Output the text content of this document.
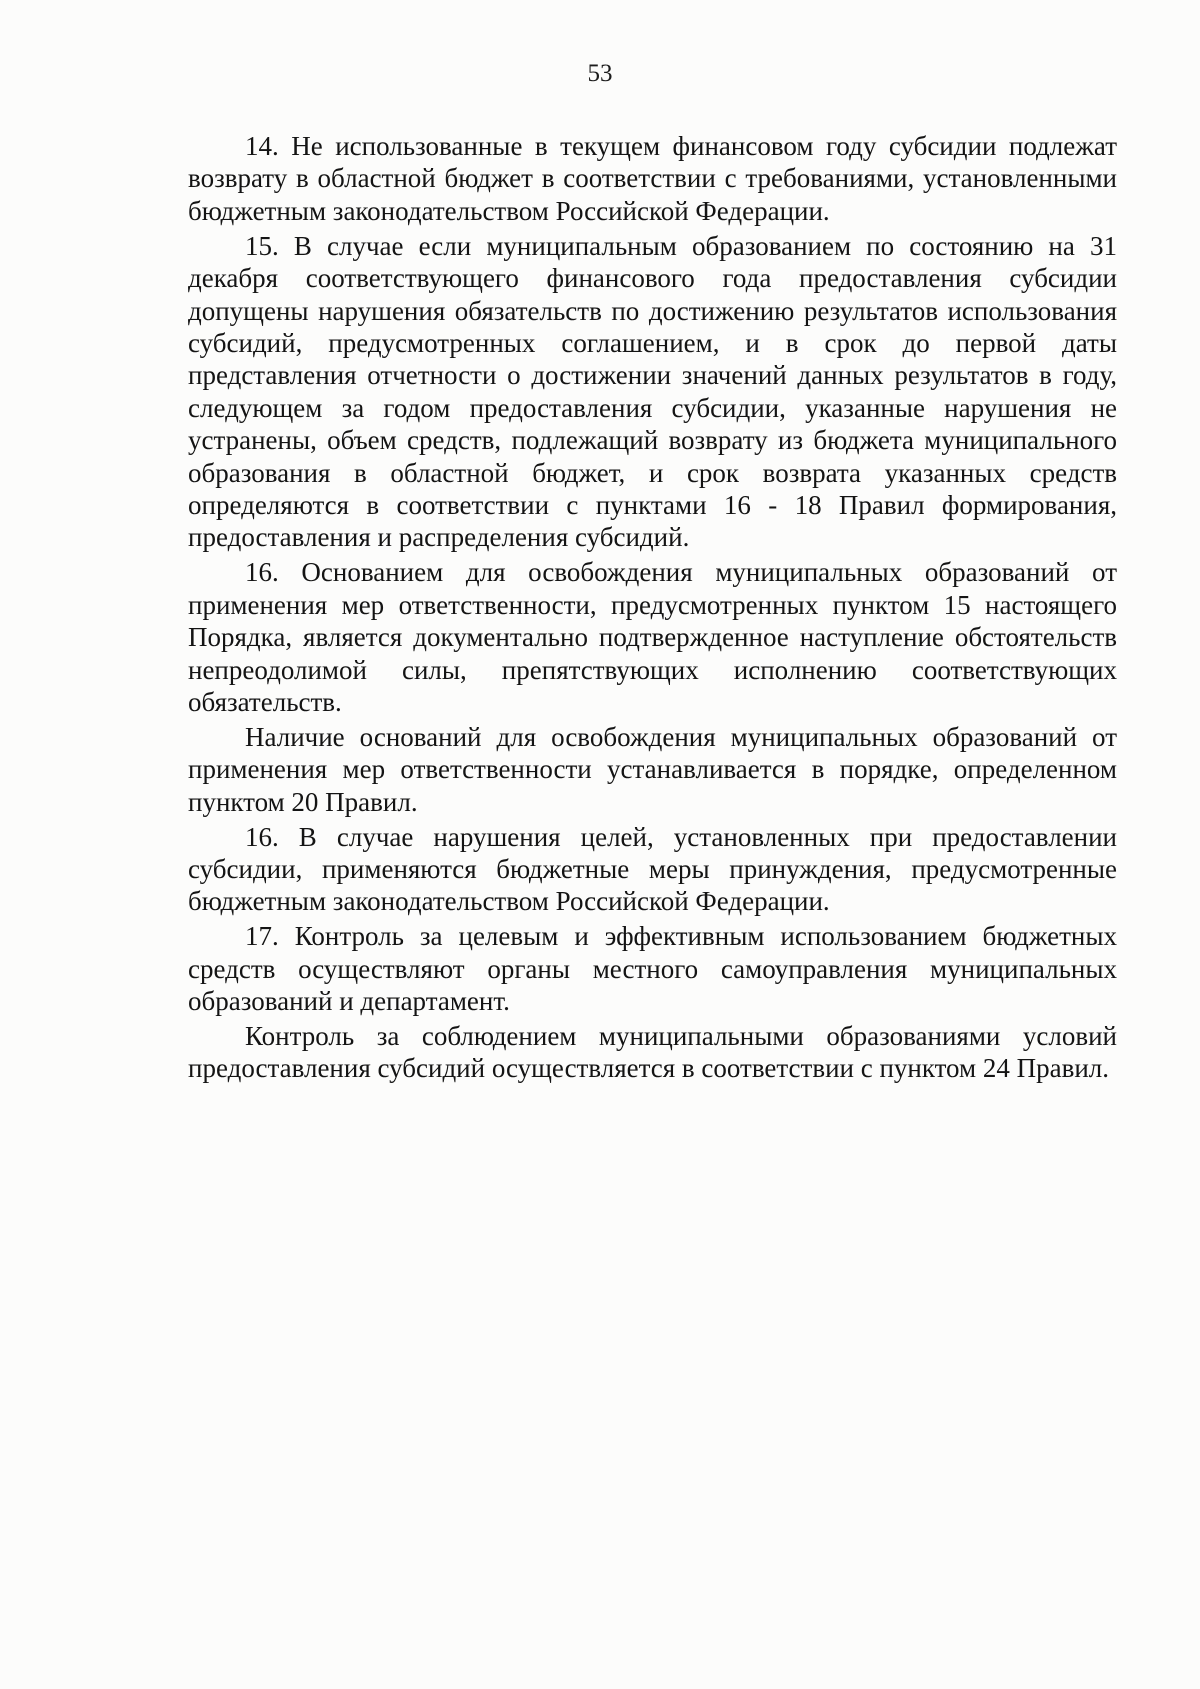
53

14. Не использованные в текущем финансовом году субсидии подлежат возврату в областной бюджет в соответствии с требованиями, установленными бюджетным законодательством Российской Федерации.

15. В случае если муниципальным образованием по состоянию на 31 декабря соответствующего финансового года предоставления субсидии допущены нарушения обязательств по достижению результатов использования субсидий, предусмотренных соглашением, и в срок до первой даты представления отчетности о достижении значений данных результатов в году, следующем за годом предоставления субсидии, указанные нарушения не устранены, объем средств, подлежащий возврату из бюджета муниципального образования в областной бюджет, и срок возврата указанных средств определяются в соответствии с пунктами 16 - 18 Правил формирования, предоставления и распределения субсидий.

16. Основанием для освобождения муниципальных образований от применения мер ответственности, предусмотренных пунктом 15 настоящего Порядка, является документально подтвержденное наступление обстоятельств непреодолимой силы, препятствующих исполнению соответствующих обязательств.

Наличие оснований для освобождения муниципальных образований от применения мер ответственности устанавливается в порядке, определенном пунктом 20 Правил.

16. В случае нарушения целей, установленных при предоставлении субсидии, применяются бюджетные меры принуждения, предусмотренные бюджетным законодательством Российской Федерации.

17. Контроль за целевым и эффективным использованием бюджетных средств осуществляют органы местного самоуправления муниципальных образований и департамент.

Контроль за соблюдением муниципальными образованиями условий предоставления субсидий осуществляется в соответствии с пунктом 24 Правил.
